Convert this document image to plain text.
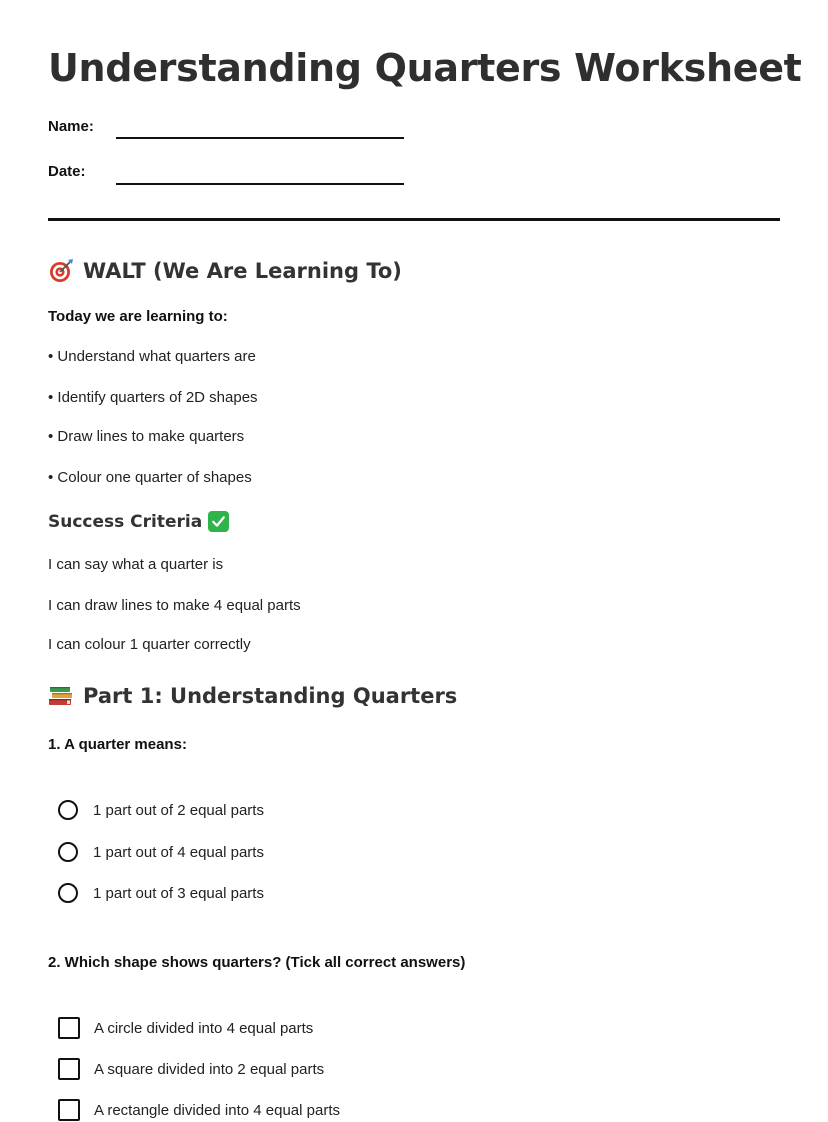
Understanding Quarters Worksheet
Name:
Date:
WALT (We Are Learning To)
Today we are learning to:
• Understand what quarters are
• Identify quarters of 2D shapes
• Draw lines to make quarters
• Colour one quarter of shapes
Success Criteria
I can say what a quarter is
I can draw lines to make 4 equal parts
I can colour 1 quarter correctly
Part 1: Understanding Quarters
1. A quarter means:
1 part out of 2 equal parts
1 part out of 4 equal parts
1 part out of 3 equal parts
2. Which shape shows quarters? (Tick all correct answers)
A circle divided into 4 equal parts
A square divided into 2 equal parts
A rectangle divided into 4 equal parts
